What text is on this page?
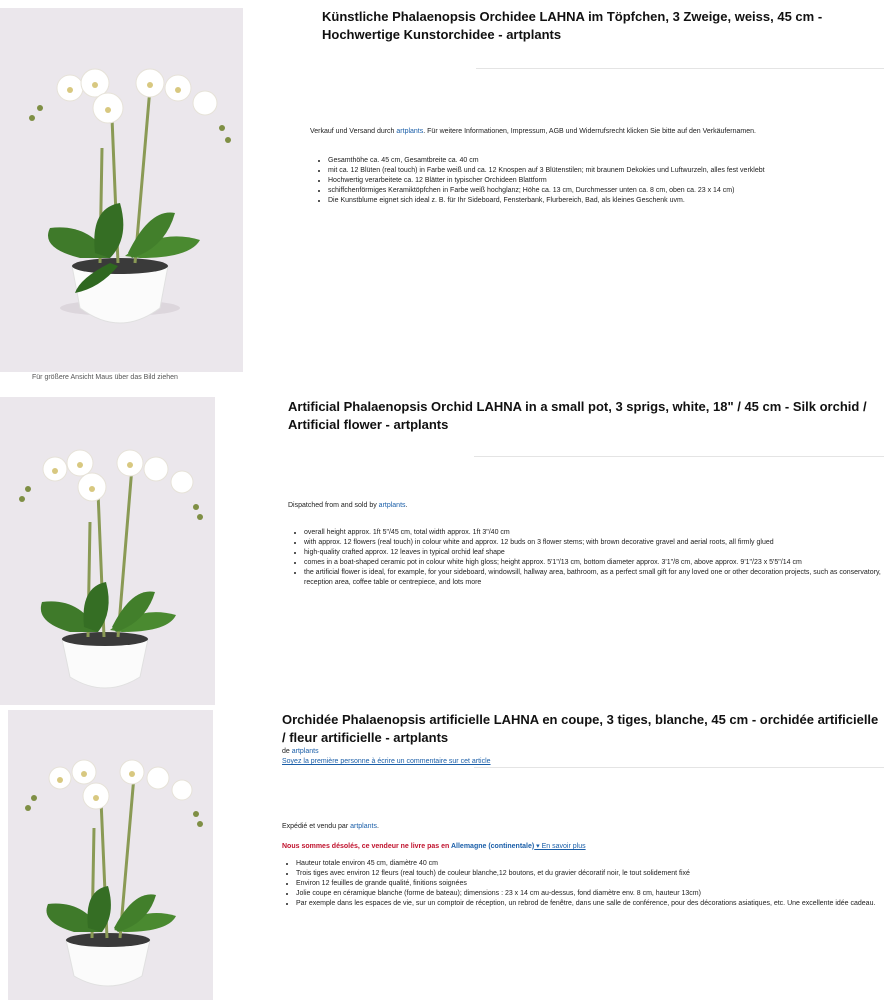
Für größere Ansicht Maus über das Bild ziehen
Künstliche Phalaenopsis Orchidee LAHNA im Töpfchen, 3 Zweige, weiss, 45 cm - Hochwertige Kunstorchidee - artplants
Verkauf und Versand durch artplants. Für weitere Informationen, Impressum, AGB und Widerrufsrecht klicken Sie bitte auf den Verkäufernamen.
• Gesamthöhe ca. 45 cm, Gesamtbreite ca. 40 cm
• mit ca. 12 Blüten (real touch) in Farbe weiß und ca. 12 Knospen auf 3 Blütenstilen; mit braunem Dekokies und Luftwurzeln, alles fest verklebt
• Hochwertig verarbeitete ca. 12 Blätter in typischer Orchideen Blattform
• schiffchenförmiges Keramiktöpfchen in Farbe weiß hochglanz; Höhe ca. 13 cm, Durchmesser unten ca. 8 cm, oben ca. 23 x 14 cm)
• Die Kunstblume eignet sich ideal z. B. für Ihr Sideboard, Fensterbank, Flurbereich, Bad, als kleines Geschenk uvm.
Artificial Phalaenopsis Orchid LAHNA in a small pot, 3 sprigs, white, 18" / 45 cm - Silk orchid / Artificial flower - artplants
Dispatched from and sold by artplants.
• overall height approx. 1ft 5"/45 cm, total width approx. 1ft 3"/40 cm
• with approx. 12 flowers (real touch) in colour white and approx. 12 buds on 3 flower stems; with brown decorative gravel and aerial roots, all firmly glued
• high-quality crafted approx. 12 leaves in typical orchid leaf shape
• comes in a boat-shaped ceramic pot in colour white high gloss; height approx. 5'1"/13 cm, bottom diameter approx. 3'1"/8 cm, above approx. 9'1"/23 x 5'5"/14 cm
• the artificial flower is ideal, for example, for your sideboard, windowsill, hallway area, bathroom, as a perfect small gift for any loved one or other decoration projects, such as conservatory, reception area, coffee table or centrepiece, and lots more
Orchidée Phalaenopsis artificielle LAHNA en coupe, 3 tiges, blanche, 45 cm - orchidée artificielle / fleur artificielle - artplants
de artplants
Soyez la première personne à écrire un commentaire sur cet article
Expédié et vendu par artplants.
Nous sommes désolés, ce vendeur ne livre pas en Allemagne (continentale) ▾ En savoir plus
• Hauteur totale environ 45 cm, diamètre 40 cm
• Trois tiges avec environ 12 fleurs (real touch) de couleur blanche,12 boutons, et du gravier décoratif noir, le tout solidement fixé
• Environ 12 feuilles de grande qualité, finitions soignées
• Jolie coupe en céramique blanche (forme de bateau); dimensions : 23 x 14 cm au-dessus, fond diamètre env. 8 cm, hauteur 13cm)
• Par exemple dans les espaces de vie, sur un comptoir de réception, un rebrod de fenêtre, dans une salle de conférence, pour des décorations asiatiques, etc. Une excellente idée cadeau.
